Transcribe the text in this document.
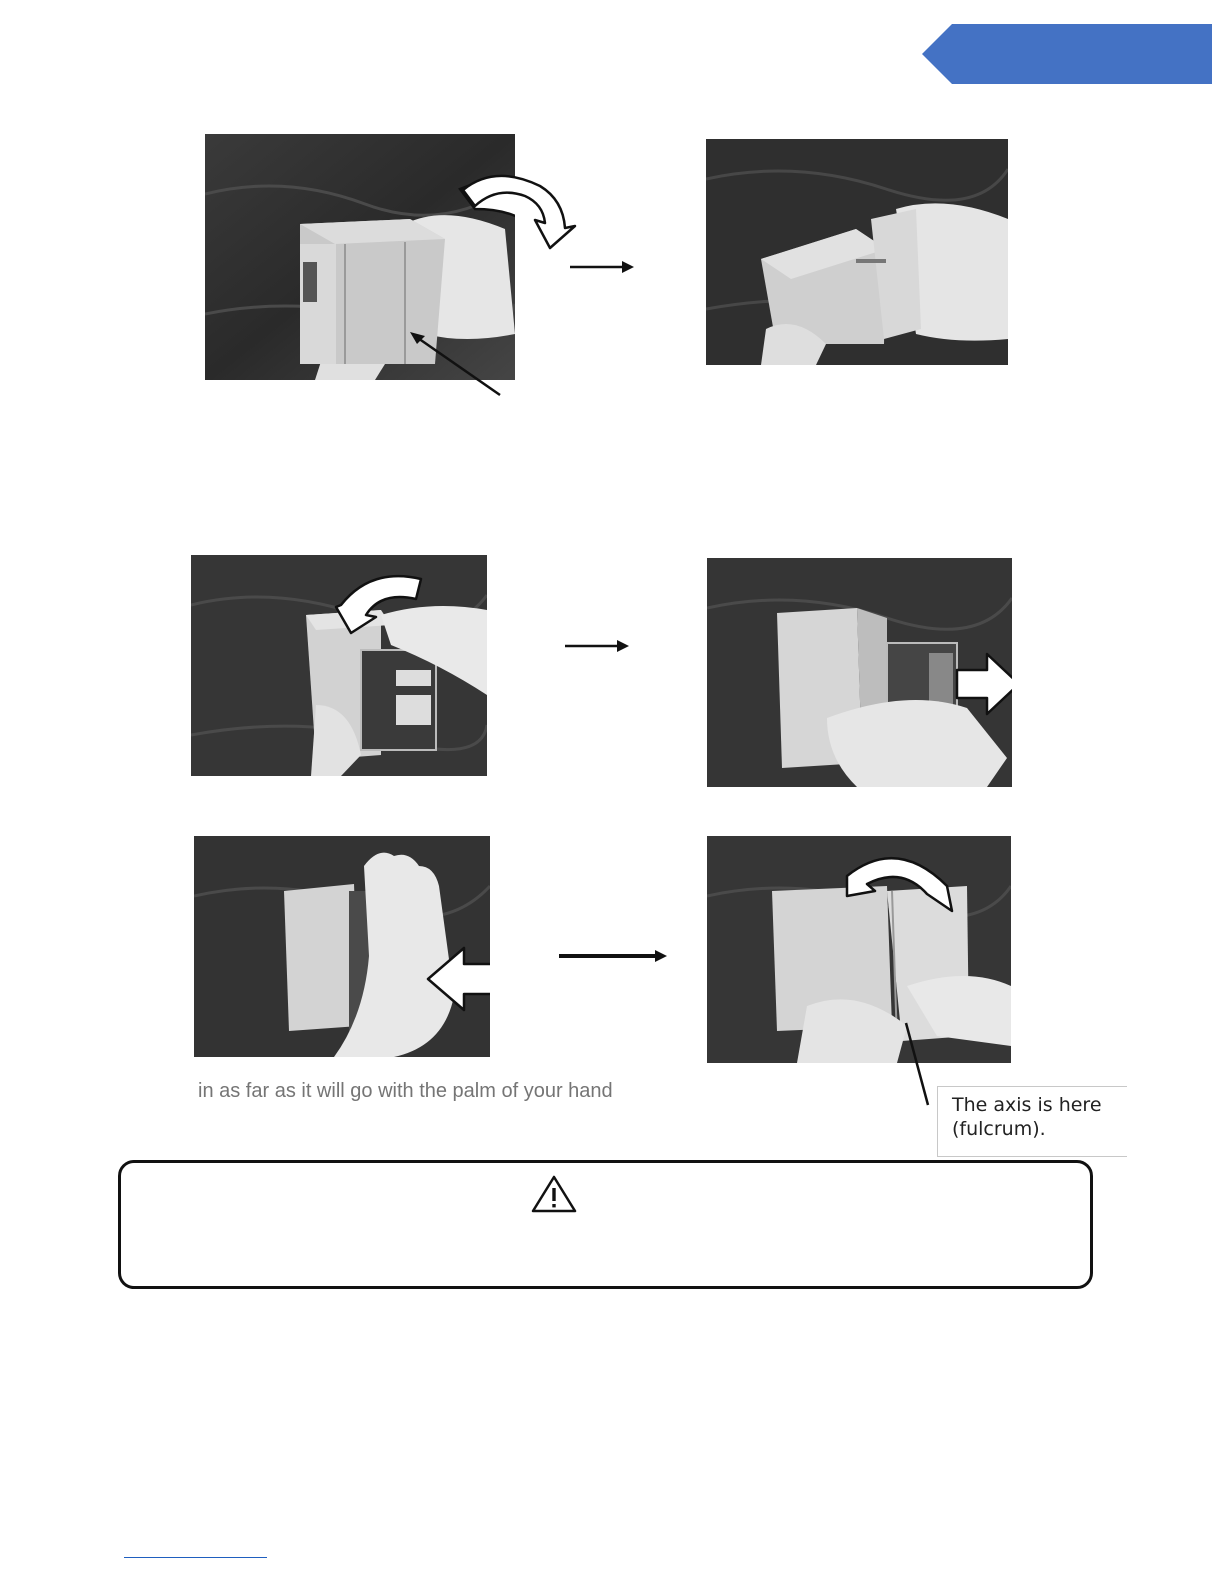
in as far as it will go with the palm of your hand
The axis is here
(fulcrum).
